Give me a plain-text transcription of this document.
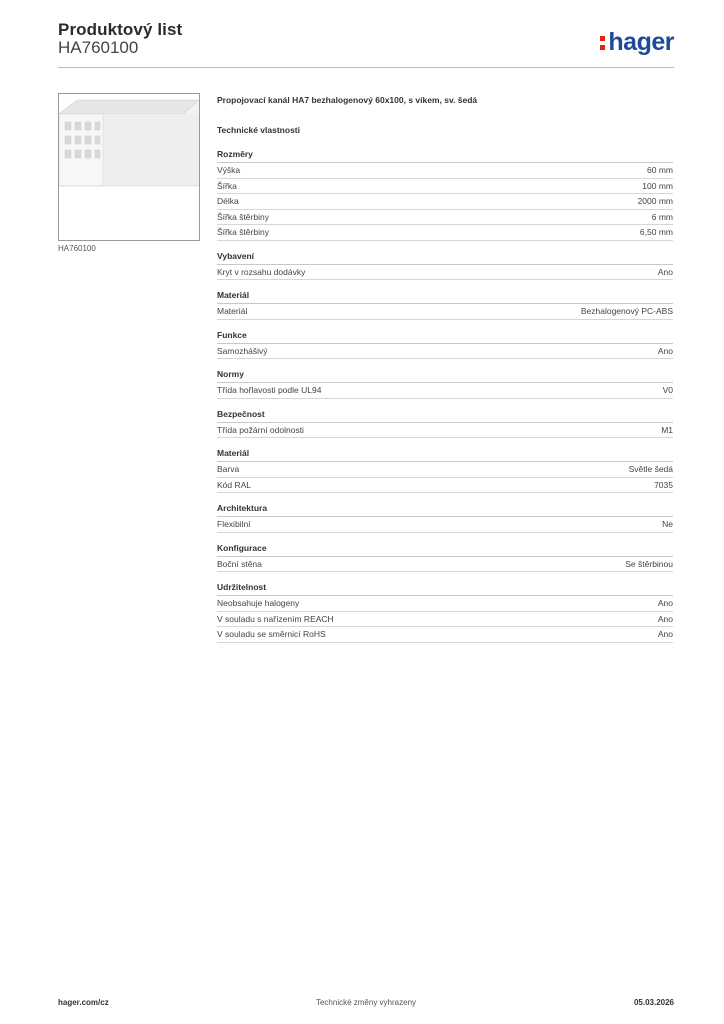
Produktový list
HA760100	hager
HA760100
Propojovací kanál HA7 bezhalogenový 60x100, s víkem, sv. šedá
Technické vlastnosti
Rozměry
Výška	60 mm
Šířka	100 mm
Délka	2000 mm
Šířka štěrbiny	6 mm
Šířka štěrbiny	6,50 mm
Vybavení
Kryt v rozsahu dodávky	Ano
Materiál
Materiál	Bezhalogenový PC-ABS
Funkce
Samozhášivý	Ano
Normy
Třída hořlavosti podle UL94	V0
Bezpečnost
Třída požární odolnosti	M1
Materiál
Barva	Světle šedá
Kód RAL	7035
Architektura
Flexibilní	Ne
Konfigurace
Boční stěna	Se štěrbinou
Udržitelnost
Neobsahuje halogeny	Ano
V souladu s nařízením REACH	Ano
V souladu se směrnicí RoHS	Ano
hager.com/cz	Technické změny vyhrazeny	05.03.2026
